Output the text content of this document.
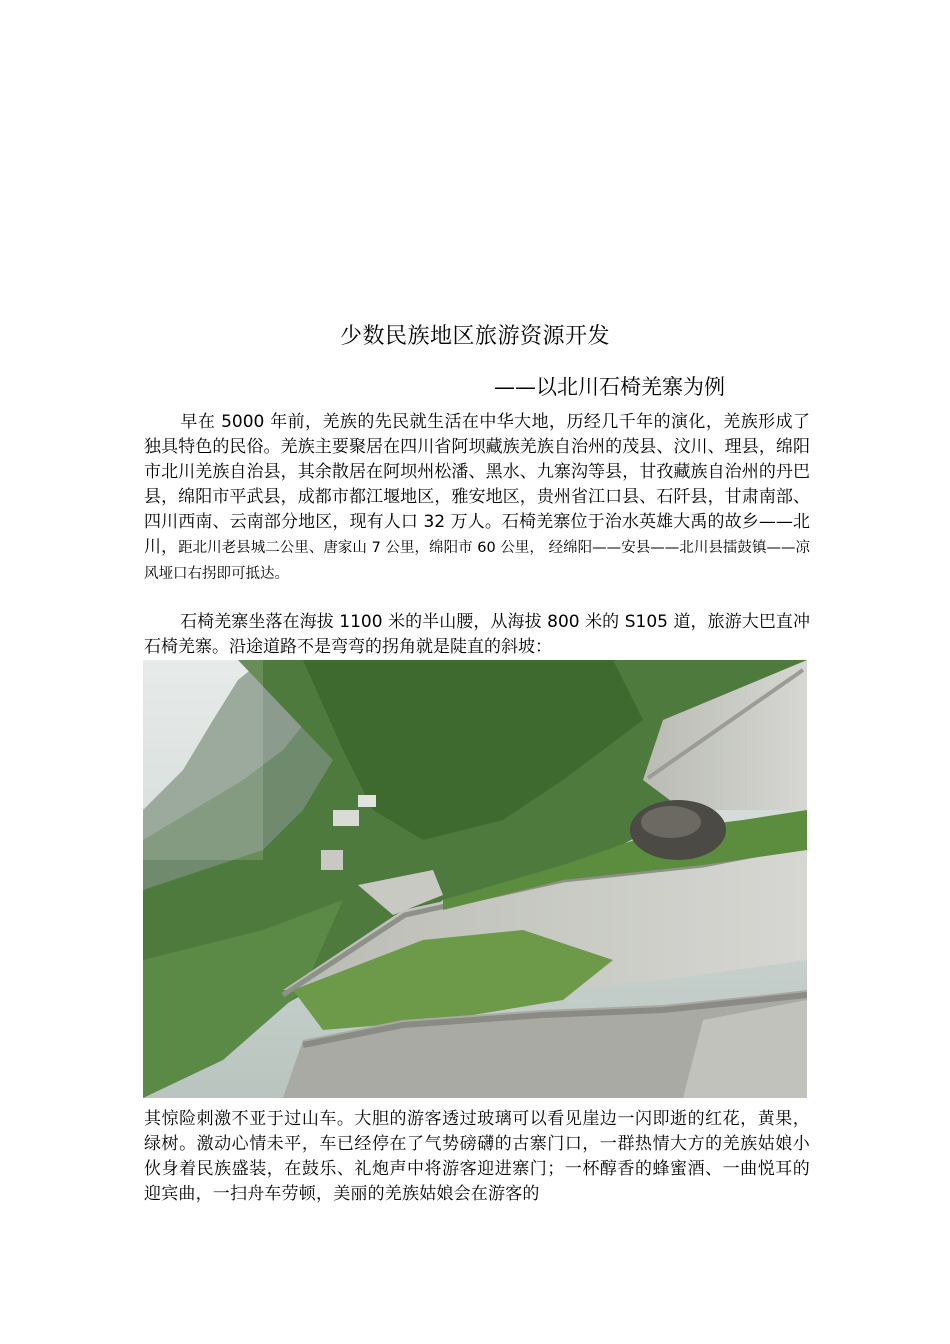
少数民族地区旅游资源开发
——以北川石椅羌寨为例
早在 5000 年前，羌族的先民就生活在中华大地，历经几千年的演化，羌族形成了独具特色的民俗。羌族主要聚居在四川省阿坝藏族羌族自治州的茂县、汶川、理县，绵阳市北川羌族自治县，其余散居在阿坝州松潘、黑水、九寨沟等县，甘孜藏族自治州的丹巴县，绵阳市平武县，成都市都江堰地区，雅安地区，贵州省江口县、石阡县，甘肃南部、四川西南、云南部分地区，现有人口 32 万人。石椅羌寨位于治水英雄大禹的故乡——北川，距北川老县城二公里、唐家山 7 公里，绵阳市 60 公里， 经绵阳——安县——北川县擂鼓镇——凉风垭口右拐即可抵达。
石椅羌寨坐落在海拔 1100 米的半山腰，从海拔 800 米的 S105 道，旅游大巴直冲石椅羌寨。沿途道路不是弯弯的拐角就是陡直的斜坡：
其惊险刺激不亚于过山车。大胆的游客透过玻璃可以看见崖边一闪即逝的红花，黄果，绿树。激动心情未平，车已经停在了气势磅礴的古寨门口，一群热情大方的羌族姑娘小伙身着民族盛装，在鼓乐、礼炮声中将游客迎进寨门；一杯醇香的蜂蜜酒、一曲悦耳的迎宾曲，一扫舟车劳顿，美丽的羌族姑娘会在游客的
